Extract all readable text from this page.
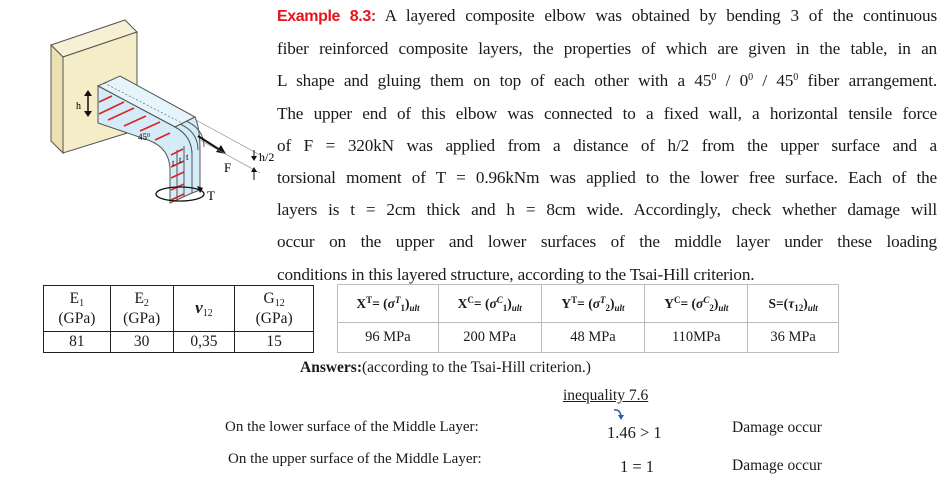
h
$45^0$
t t t
F
h/2
T
Example 8.3: A layered composite elbow was obtained by bending 3 of the continuous
fiber reinforced composite layers, the properties of which are given in the table, in an
L shape and gluing them on top of each other with a $45^0 / 0^0 / 45^0$ fiber arrangement.
The upper end of this elbow was connected to a fixed wall, a horizontal tensile force
of F = 320kN was applied from a distance of h/2 from the upper surface and a
torsional moment of T = 0.96kNm was applied to the lower free surface. Each of the
layers is t = 2cm thick and h = 8cm wide. Accordingly, check whether damage will
occur on the upper and lower surfaces of the middle layer under these loading
conditions in this layered structure, according to the Tsai-Hill criterion.
$E_1$
(GPa)	$E_2$
(GPa)	$\nu_{12}$	$G_{12}$
(GPa)
81	30	0,35	15
$X^T= (\sigma^T_1)_{ult}$	$X^C= (\sigma^C_1)_{ult}$	$Y^T= (\sigma^T_2)_{ult}$	$Y^C= (\sigma^C_2)_{ult}$	$S=(\tau_{12})_{ult}$
96 MPa	200 MPa	48 MPa	110MPa	36 MPa
Answers:(according to the Tsai-Hill criterion.)
inequality 7.6
On the lower surface of the Middle Layer:	1.46 > 1	Damage occur
On the upper surface of the Middle Layer:	1 = 1	Damage occur
